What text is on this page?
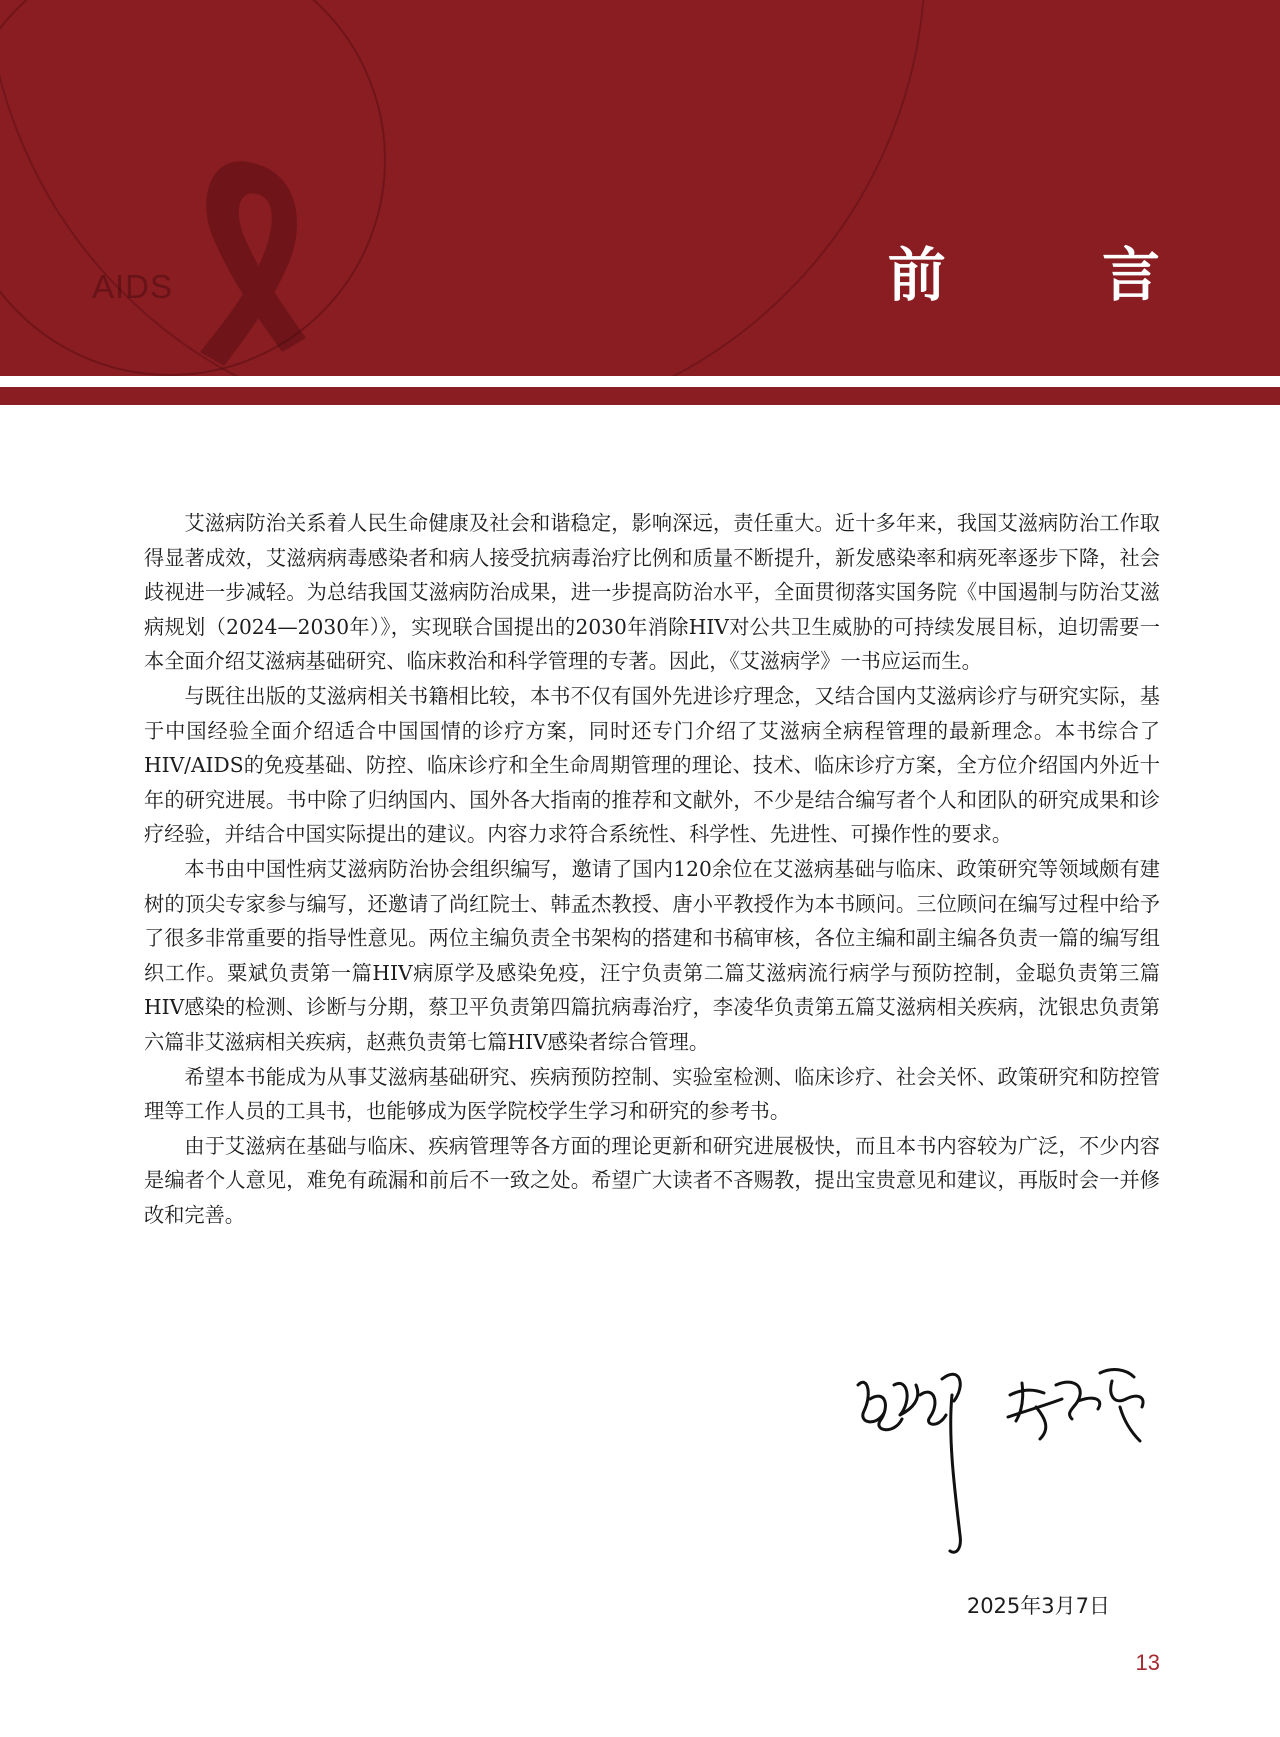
AIDS	前 言

艾滋病防治关系着人民生命健康及社会和谐稳定，影响深远，责任重大。近十多年来，我国艾滋病防治工作取得显著成效，艾滋病病毒感染者和病人接受抗病毒治疗比例和质量不断提升，新发感染率和病死率逐步下降，社会歧视进一步减轻。为总结我国艾滋病防治成果，进一步提高防治水平，全面贯彻落实国务院《中国遏制与防治艾滋病规划（2024—2030年）》，实现联合国提出的2030年消除HIV对公共卫生威胁的可持续发展目标，迫切需要一本全面介绍艾滋病基础研究、临床救治和科学管理的专著。因此，《艾滋病学》一书应运而生。

与既往出版的艾滋病相关书籍相比较，本书不仅有国外先进诊疗理念，又结合国内艾滋病诊疗与研究实际，基于中国经验全面介绍适合中国国情的诊疗方案，同时还专门介绍了艾滋病全病程管理的最新理念。本书综合了HIV/AIDS的免疫基础、防控、临床诊疗和全生命周期管理的理论、技术、临床诊疗方案，全方位介绍国内外近十年的研究进展。书中除了归纳国内、国外各大指南的推荐和文献外，不少是结合编写者个人和团队的研究成果和诊疗经验，并结合中国实际提出的建议。内容力求符合系统性、科学性、先进性、可操作性的要求。

本书由中国性病艾滋病防治协会组织编写，邀请了国内120余位在艾滋病基础与临床、政策研究等领域颇有建树的顶尖专家参与编写，还邀请了尚红院士、韩孟杰教授、唐小平教授作为本书顾问。三位顾问在编写过程中给予了很多非常重要的指导性意见。两位主编负责全书架构的搭建和书稿审核，各位主编和副主编各负责一篇的编写组织工作。粟斌负责第一篇HIV病原学及感染免疫，汪宁负责第二篇艾滋病流行病学与预防控制，金聪负责第三篇HIV感染的检测、诊断与分期，蔡卫平负责第四篇抗病毒治疗，李凌华负责第五篇艾滋病相关疾病，沈银忠负责第六篇非艾滋病相关疾病，赵燕负责第七篇HIV感染者综合管理。

希望本书能成为从事艾滋病基础研究、疾病预防控制、实验室检测、临床诊疗、社会关怀、政策研究和防控管理等工作人员的工具书，也能够成为医学院校学生学习和研究的参考书。

由于艾滋病在基础与临床、疾病管理等各方面的理论更新和研究进展极快，而且本书内容较为广泛，不少内容是编者个人意见，难免有疏漏和前后不一致之处。希望广大读者不吝赐教，提出宝贵意见和建议，再版时会一并修改和完善。

2025年3月7日
13
